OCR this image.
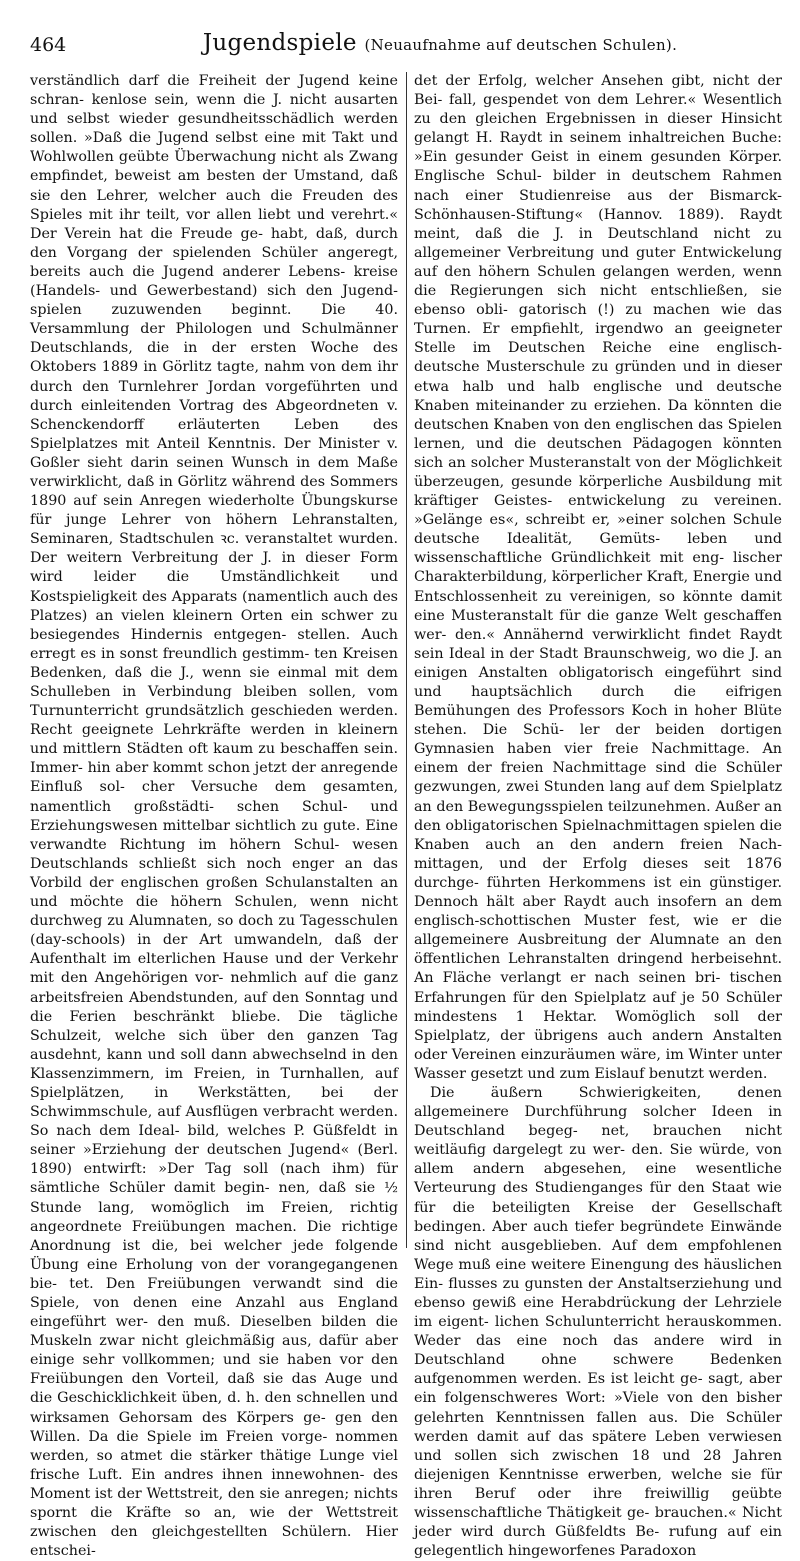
464	Jugendspiele (Neuaufnahme auf deutschen Schulen).

verständlich darf die Freiheit der Jugend keine schran- kenlose sein, wenn die J. nicht ausarten und selbst wieder gesundheitsschädlich werden sollen. »Daß die Jugend selbst eine mit Takt und Wohlwollen geübte Überwachung nicht als Zwang empfindet, beweist am besten der Umstand, daß sie den Lehrer, welcher auch die Freuden des Spieles mit ihr teilt, vor allen liebt und verehrt.« Der Verein hat die Freude ge- habt, daß, durch den Vorgang der spielenden Schüler angeregt, bereits auch die Jugend anderer Lebens- kreise (Handels- und Gewerbestand) sich den Jugend- spielen zuzuwenden beginnt. Die 40. Versammlung der Philologen und Schulmänner Deutschlands, die in der ersten Woche des Oktobers 1889 in Görlitz tagte, nahm von dem ihr durch den Turnlehrer Jordan vorgeführten und durch einleitenden Vortrag des Abgeordneten v. Schenckendorff erläuterten Leben des Spielplatzes mit Anteil Kenntnis. Der Minister v. Goßler sieht darin seinen Wunsch in dem Maße verwirklicht, daß in Görlitz während des Sommers 1890 auf sein Anregen wiederholte Übungskurse für junge Lehrer von höhern Lehranstalten, Seminaren, Stadtschulen ꝛc. veranstaltet wurden. Der weitern Verbreitung der J. in dieser Form wird leider die Umständlichkeit und Kostspieligkeit des Apparats (namentlich auch des Platzes) an vielen kleinern Orten ein schwer zu besiegendes Hindernis entgegen- stellen. Auch erregt es in sonst freundlich gestimm- ten Kreisen Bedenken, daß die J., wenn sie einmal mit dem Schulleben in Verbindung bleiben sollen, vom Turnunterricht grundsätzlich geschieden werden. Recht geeignete Lehrkräfte werden in kleinern und mittlern Städten oft kaum zu beschaffen sein. Immer- hin aber kommt schon jetzt der anregende Einfluß sol- cher Versuche dem gesamten, namentlich großstädti- schen Schul- und Erziehungswesen mittelbar sichtlich zu gute. Eine verwandte Richtung im höhern Schul- wesen Deutschlands schließt sich noch enger an das Vorbild der englischen großen Schulanstalten an und möchte die höhern Schulen, wenn nicht durchweg zu Alumnaten, so doch zu Tagesschulen (day-schools) in der Art umwandeln, daß der Aufenthalt im elterlichen Hause und der Verkehr mit den Angehörigen vor- nehmlich auf die ganz arbeitsfreien Abendstunden, auf den Sonntag und die Ferien beschränkt bliebe. Die tägliche Schulzeit, welche sich über den ganzen Tag ausdehnt, kann und soll dann abwechselnd in den Klassenzimmern, im Freien, in Turnhallen, auf Spielplätzen, in Werkstätten, bei der Schwimmschule, auf Ausflügen verbracht werden. So nach dem Ideal- bild, welches P. Güßfeldt in seiner »Erziehung der deutschen Jugend« (Berl. 1890) entwirft: »Der Tag soll (nach ihm) für sämtliche Schüler damit begin- nen, daß sie ½ Stunde lang, womöglich im Freien, richtig angeordnete Freiübungen machen. Die richtige Anordnung ist die, bei welcher jede folgende Übung eine Erholung von der vorangegangenen bie- tet. Den Freiübungen verwandt sind die Spiele, von denen eine Anzahl aus England eingeführt wer- den muß. Dieselben bilden die Muskeln zwar nicht gleichmäßig aus, dafür aber einige sehr vollkommen; und sie haben vor den Freiübungen den Vorteil, daß sie das Auge und die Geschicklichkeit üben, d. h. den schnellen und wirksamen Gehorsam des Körpers ge- gen den Willen. Da die Spiele im Freien vorge- nommen werden, so atmet die stärker thätige Lunge viel frische Luft. Ein andres ihnen innewohnen- des Moment ist der Wettstreit, den sie anregen; nichts spornt die Kräfte so an, wie der Wettstreit zwischen den gleichgestellten Schülern. Hier entschei-

det der Erfolg, welcher Ansehen gibt, nicht der Bei- fall, gespendet von dem Lehrer.« Wesentlich zu den gleichen Ergebnissen in dieser Hinsicht gelangt H. Raydt in seinem inhaltreichen Buche: »Ein gesunder Geist in einem gesunden Körper. Englische Schul- bilder in deutschem Rahmen nach einer Studienreise aus der Bismarck-Schönhausen-Stiftung« (Hannov. 1889). Raydt meint, daß die J. in Deutschland nicht zu allgemeiner Verbreitung und guter Entwickelung auf den höhern Schulen gelangen werden, wenn die Regierungen sich nicht entschließen, sie ebenso obli- gatorisch (!) zu machen wie das Turnen. Er empfiehlt, irgendwo an geeigneter Stelle im Deutschen Reiche eine englisch-deutsche Musterschule zu gründen und in dieser etwa halb und halb englische und deutsche Knaben miteinander zu erziehen. Da könnten die deutschen Knaben von den englischen das Spielen lernen, und die deutschen Pädagogen könnten sich an solcher Musteranstalt von der Möglichkeit überzeugen, gesunde körperliche Ausbildung mit kräftiger Geistes- entwickelung zu vereinen. »Gelänge es«, schreibt er, »einer solchen Schule deutsche Idealität, Gemüts- leben und wissenschaftliche Gründlichkeit mit eng- lischer Charakterbildung, körperlicher Kraft, Energie und Entschlossenheit zu vereinigen, so könnte damit eine Musteranstalt für die ganze Welt geschaffen wer- den.« Annähernd verwirklicht findet Raydt sein Ideal in der Stadt Braunschweig, wo die J. an einigen Anstalten obligatorisch eingeführt sind und hauptsächlich durch die eifrigen Bemühungen des Professors Koch in hoher Blüte stehen. Die Schü- ler der beiden dortigen Gymnasien haben vier freie Nachmittage. An einem der freien Nachmittage sind die Schüler gezwungen, zwei Stunden lang auf dem Spielplatz an den Bewegungsspielen teilzunehmen. Außer an den obligatorischen Spielnachmittagen spielen die Knaben auch an den andern freien Nach- mittagen, und der Erfolg dieses seit 1876 durchge- führten Herkommens ist ein günstiger. Dennoch hält aber Raydt auch insofern an dem englisch-schottischen Muster fest, wie er die allgemeinere Ausbreitung der Alumnate an den öffentlichen Lehranstalten dringend herbeisehnt. An Fläche verlangt er nach seinen bri- tischen Erfahrungen für den Spielplatz auf je 50 Schüler mindestens 1 Hektar. Womöglich soll der Spielplatz, der übrigens auch andern Anstalten oder Vereinen einzuräumen wäre, im Winter unter Wasser gesetzt und zum Eislauf benutzt werden.

Die äußern Schwierigkeiten, denen allgemeinere Durchführung solcher Ideen in Deutschland begeg- net, brauchen nicht weitläufig dargelegt zu wer- den. Sie würde, von allem andern abgesehen, eine wesentliche Verteurung des Studienganges für den Staat wie für die beteiligten Kreise der Gesellschaft bedingen. Aber auch tiefer begründete Einwände sind nicht ausgeblieben. Auf dem empfohlenen Wege muß eine weitere Einengung des häuslichen Ein- flusses zu gunsten der Anstaltserziehung und ebenso gewiß eine Herabdrückung der Lehrziele im eigent- lichen Schulunterricht herauskommen. Weder das eine noch das andere wird in Deutschland ohne schwere Bedenken aufgenommen werden. Es ist leicht ge- sagt, aber ein folgenschweres Wort: »Viele von den bisher gelehrten Kenntnissen fallen aus. Die Schüler werden damit auf das spätere Leben verwiesen und sollen sich zwischen 18 und 28 Jahren diejenigen Kenntnisse erwerben, welche sie für ihren Beruf oder ihre freiwillig geübte wissenschaftliche Thätigkeit ge- brauchen.« Nicht jeder wird durch Güßfeldts Be- rufung auf ein gelegentlich hingeworfenes Paradoxon
